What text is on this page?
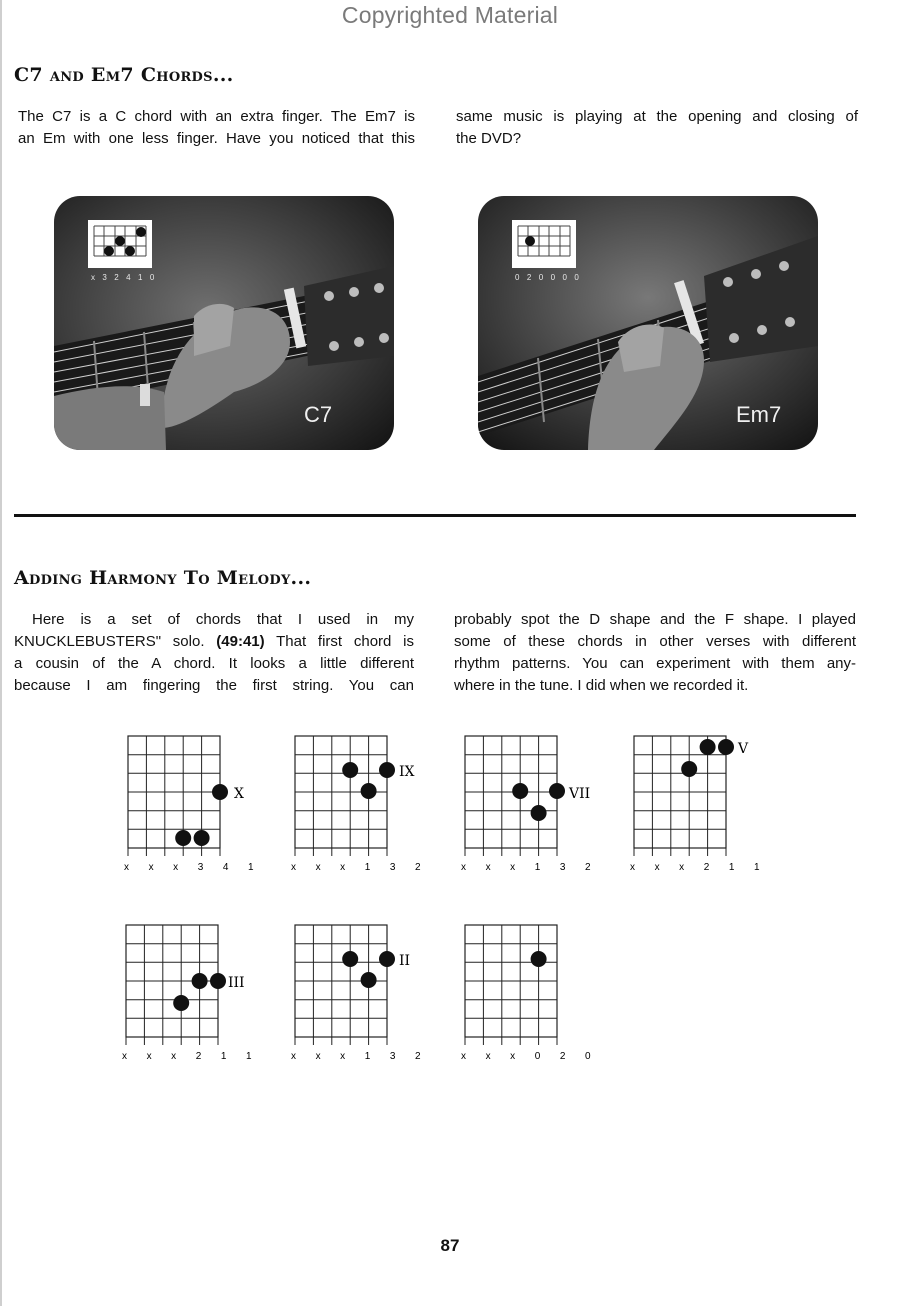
Copyrighted Material
C7 and Em7 Chords...
The C7 is a C chord with an extra finger. The Em7 is
an Em with one less finger. Have you noticed that this
same music is playing at the opening and closing of
the DVD?
x 3 2 4 1 0
C7
0 2 0 0 0 0
Em7
Adding Harmony To Melody...
Here is a set of chords that I used in my
KNUCKLEBUSTERS" solo. (49:41) That first chord is
a cousin of the A chord. It looks a little different
because I am fingering the first string. You can
probably spot the D shape and the F shape. I played
some of these chords in other verses with different
rhythm patterns. You can experiment with them any-
where in the tune. I did when we recorded it.
X
x x x 3 4 1
IX
x x x 1 3 2
VII
x x x 1 3 2
V
x x x 2 1 1
III
x x x 2 1 1
II
x x x 1 3 2	x x x 0 2 0
87
